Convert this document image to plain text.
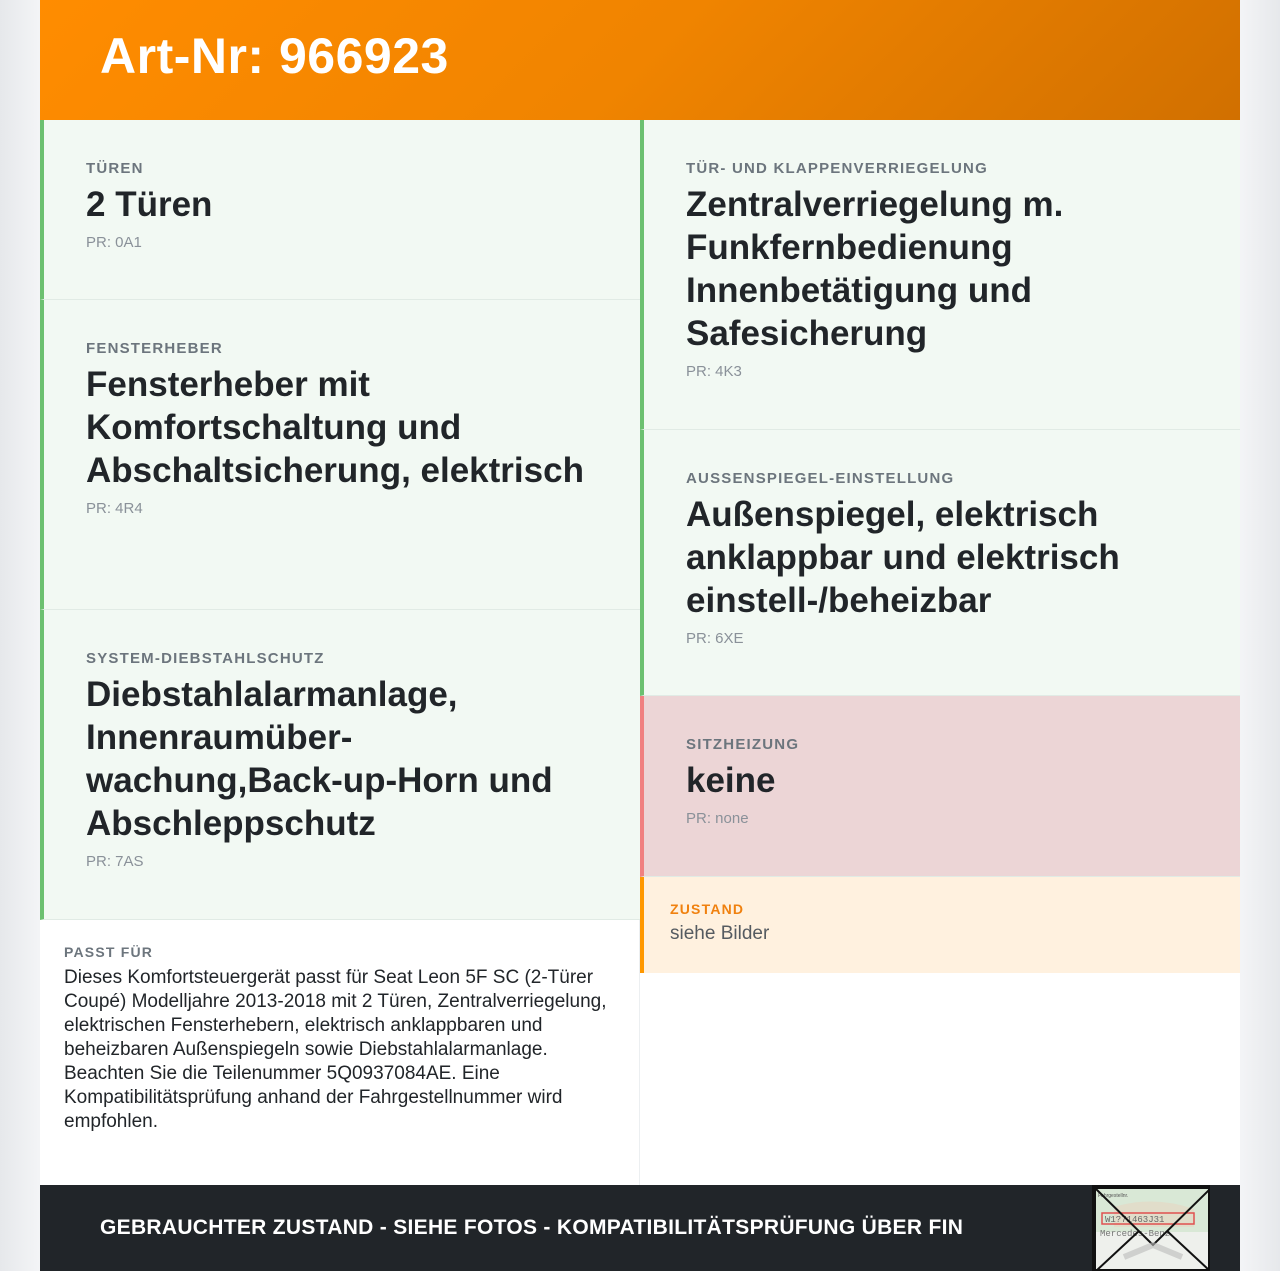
Art-Nr: 966923
TÜREN
2 Türen
PR: 0A1
FENSTERHEBER
Fensterheber mit Komfortschaltung und Abschaltsicherung, elektrisch
PR: 4R4
SYSTEM-DIEBSTAHLSCHUTZ
Diebstahlalarmanlage, Innenraumüber-wachung,Back-up-Horn und Abschleppschutz
PR: 7AS
TÜR- UND KLAPPENVERRIEGELUNG
Zentralverriegelung m. Funkfernbedienung Innenbetätigung und Safesicherung
PR: 4K3
AUSSENSPIEGEL-EINSTELLUNG
Außenspiegel, elektrisch anklappbar und elektrisch einstell-/beheizbar
PR: 6XE
SITZHEIZUNG
keine
PR: none
ZUSTAND
siehe Bilder
PASST FÜR
Dieses Komfortsteuergerät passt für Seat Leon 5F SC (2-Türer Coupé) Modelljahre 2013-2018 mit 2 Türen, Zentralverriegelung, elektrischen Fensterhebern, elektrisch anklappbaren und beheizbaren Außenspiegeln sowie Diebstahlalarmanlage. Beachten Sie die Teilenummer 5Q0937084AE. Eine Kompatibilitätsprüfung anhand der Fahrgestellnummer wird empfohlen.
GEBRAUCHTER ZUSTAND - SIEHE FOTOS - KOMPATIBILITÄTSPRÜFUNG ÜBER FIN
Fahrgestellnr.
W1?71463J31
Mercedes-Benz
